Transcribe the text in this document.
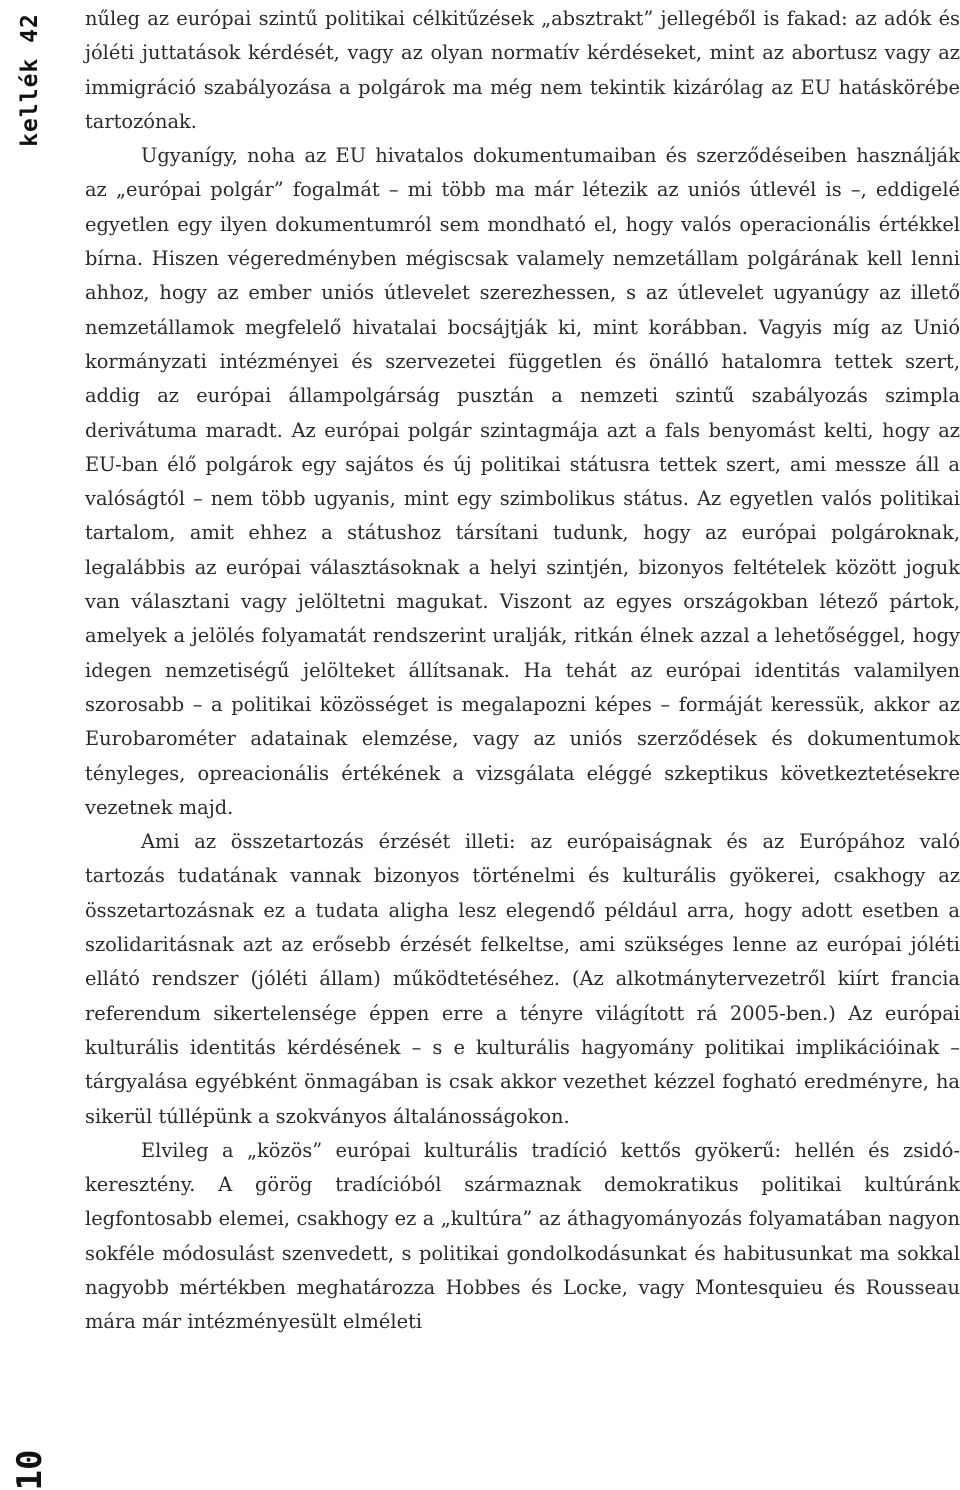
kellék 42
10

nűleg az európai szintű politikai célkitűzések „absztrakt” jellegéből is fakad: az adók és jóléti juttatások kérdését, vagy az olyan normatív kérdéseket, mint az abortusz vagy az immigráció szabályozása a polgárok ma még nem tekintik kizárólag az EU hatáskörébe tartozónak.

Ugyanígy, noha az EU hivatalos dokumentumaiban és szerződéseiben használják az „európai polgár” fogalmát – mi több ma már létezik az uniós útlevél is –, eddigelé egyetlen egy ilyen dokumentumról sem mondható el, hogy valós operacionális értékkel bírna. Hiszen végeredményben mégiscsak valamely nemzetállam polgárának kell lenni ahhoz, hogy az ember uniós útlevelet szerezhessen, s az útlevelet ugyanúgy az illető nemzetállamok megfelelő hivatalai bocsájtják ki, mint korábban. Vagyis míg az Unió kormányzati intézményei és szervezetei független és önálló hatalomra tettek szert, addig az európai állampolgárság pusztán a nemzeti szintű szabályozás szimpla derivátuma maradt. Az európai polgár szintagmája azt a fals benyomást kelti, hogy az EU-ban élő polgárok egy sajátos és új politikai státusra tettek szert, ami messze áll a valóságtól – nem több ugyanis, mint egy szimbolikus státus. Az egyetlen valós politikai tartalom, amit ehhez a státushoz társítani tudunk, hogy az európai polgároknak, legalábbis az európai választásoknak a helyi szintjén, bizonyos feltételek között joguk van választani vagy jelöltetni magukat. Viszont az egyes országokban létező pártok, amelyek a jelölés folyamatát rendszerint uralják, ritkán élnek azzal a lehetőséggel, hogy idegen nemzetiségű jelölteket állítsanak. Ha tehát az európai identitás valamilyen szorosabb – a politikai közösséget is megalapozni képes – formáját keressük, akkor az Eurobarométer adatainak elemzése, vagy az uniós szerződések és dokumentumok tényleges, opreacionális értékének a vizsgálata eléggé szkeptikus következtetésekre vezetnek majd.

Ami az összetartozás érzését illeti: az európaiságnak és az Európához való tartozás tudatának vannak bizonyos történelmi és kulturális gyökerei, csakhogy az összetartozásnak ez a tudata aligha lesz elegendő például arra, hogy adott esetben a szolidaritásnak azt az erősebb érzését felkeltse, ami szükséges lenne az európai jóléti ellátó rendszer (jóléti állam) működtetéséhez. (Az alkotmánytervezetről kiírt francia referendum sikertelensége éppen erre a tényre világított rá 2005-ben.) Az európai kulturális identitás kérdésének – s e kulturális hagyomány politikai implikációinak – tárgyalása egyébként önmagában is csak akkor vezethet kézzel fogható eredményre, ha sikerül túllépünk a szokványos általánosságokon.

Elvileg a „közös” európai kulturális tradíció kettős gyökerű: hellén és zsidó-keresztény. A görög tradícióból származnak demokratikus politikai kultúránk legfontosabb elemei, csakhogy ez a „kultúra” az áthagyományozás folyamatában nagyon sokféle módosulást szenvedett, s politikai gondolkodásunkat és habitusunkat ma sokkal nagyobb mértékben meghatározza Hobbes és Locke, vagy Montesquieu és Rousseau mára már intézményesült elméleti
